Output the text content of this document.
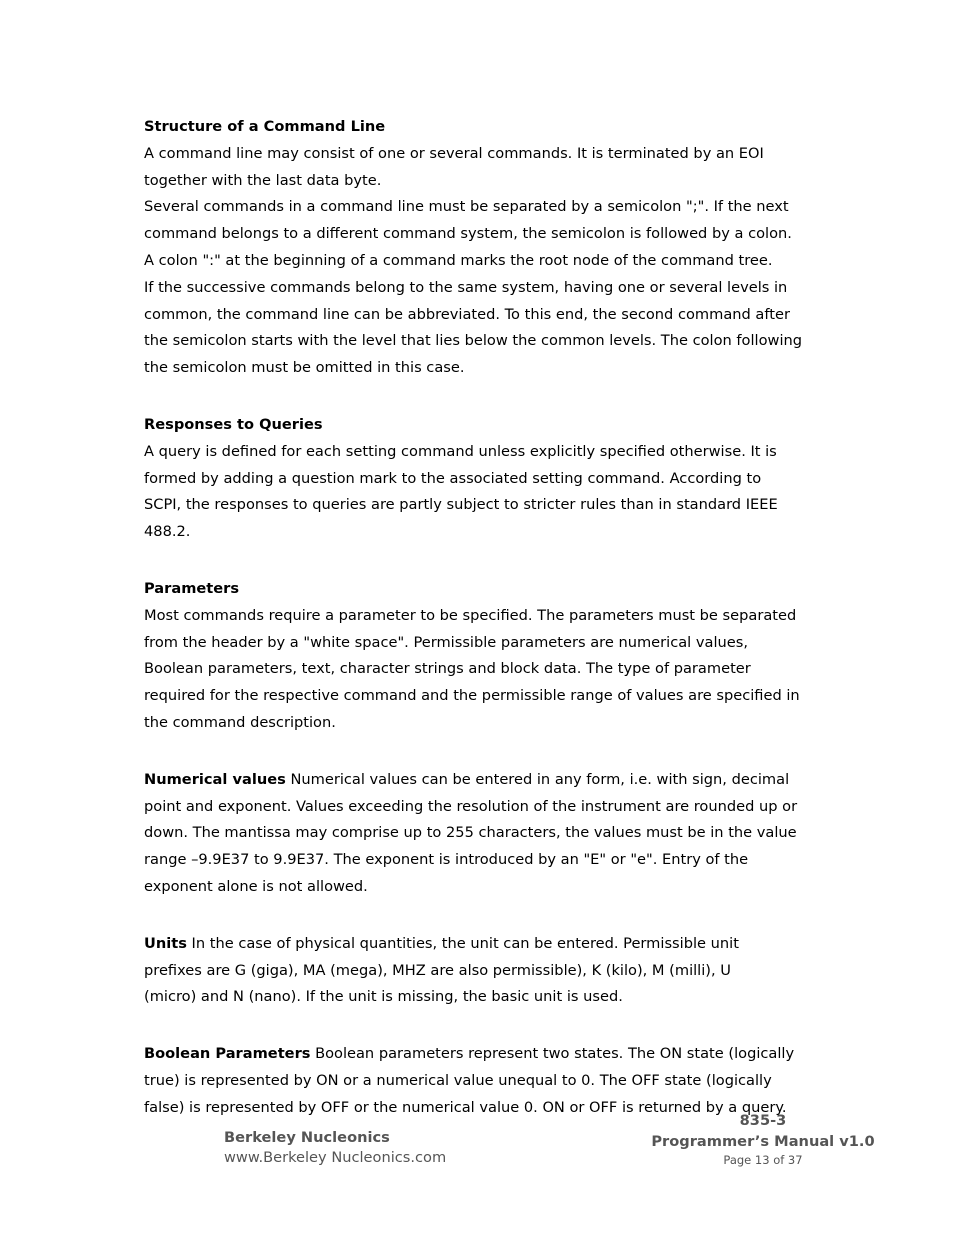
Structure of a Command Line

A command line may consist of one or several commands. It is terminated by an EOI

together with the last data byte.

Several commands in a command line must be separated by a semicolon ";". If the next

command belongs to a different command system, the semicolon is followed by a colon.

A colon ":" at the beginning of a command marks the root node of the command tree.

If the successive commands belong to the same system, having one or several levels in

common, the command line can be abbreviated. To this end, the second command after

the semicolon starts with the level that lies below the common levels. The colon following

the semicolon must be omitted in this case.

Responses to Queries

A query is defined for each setting command unless explicitly specified otherwise. It is

formed by adding a question mark to the associated setting command. According to

SCPI, the responses to queries are partly subject to stricter rules than in standard IEEE

488.2.

Parameters

Most commands require a parameter to be specified. The parameters must be separated

from the header by a "white space". Permissible parameters are numerical values,

Boolean parameters, text, character strings and block data. The type of parameter

required for the respective command and the permissible range of values are specified in

the command description.

Numerical values Numerical values can be entered in any form, i.e. with sign, decimal

point and exponent. Values exceeding the resolution of the instrument are rounded up or

down. The mantissa may comprise up to 255 characters, the values must be in the value

range –9.9E37 to 9.9E37. The exponent is introduced by an "E" or "e". Entry of the

exponent alone is not allowed.

Units In the case of physical quantities, the unit can be entered. Permissible unit

prefixes are G (giga), MA (mega), MHZ are also permissible), K (kilo), M (milli), U

(micro) and N (nano). If the unit is missing, the basic unit is used.

Boolean Parameters Boolean parameters represent two states. The ON state (logically

true) is represented by ON or a numerical value unequal to 0. The OFF state (logically

false) is represented by OFF or the numerical value 0. ON or OFF is returned by a query.

Berkeley Nucleonics
www.Berkeley Nucleonics.com
835-3
Programmer’s Manual v1.0
Page 13 of 37
